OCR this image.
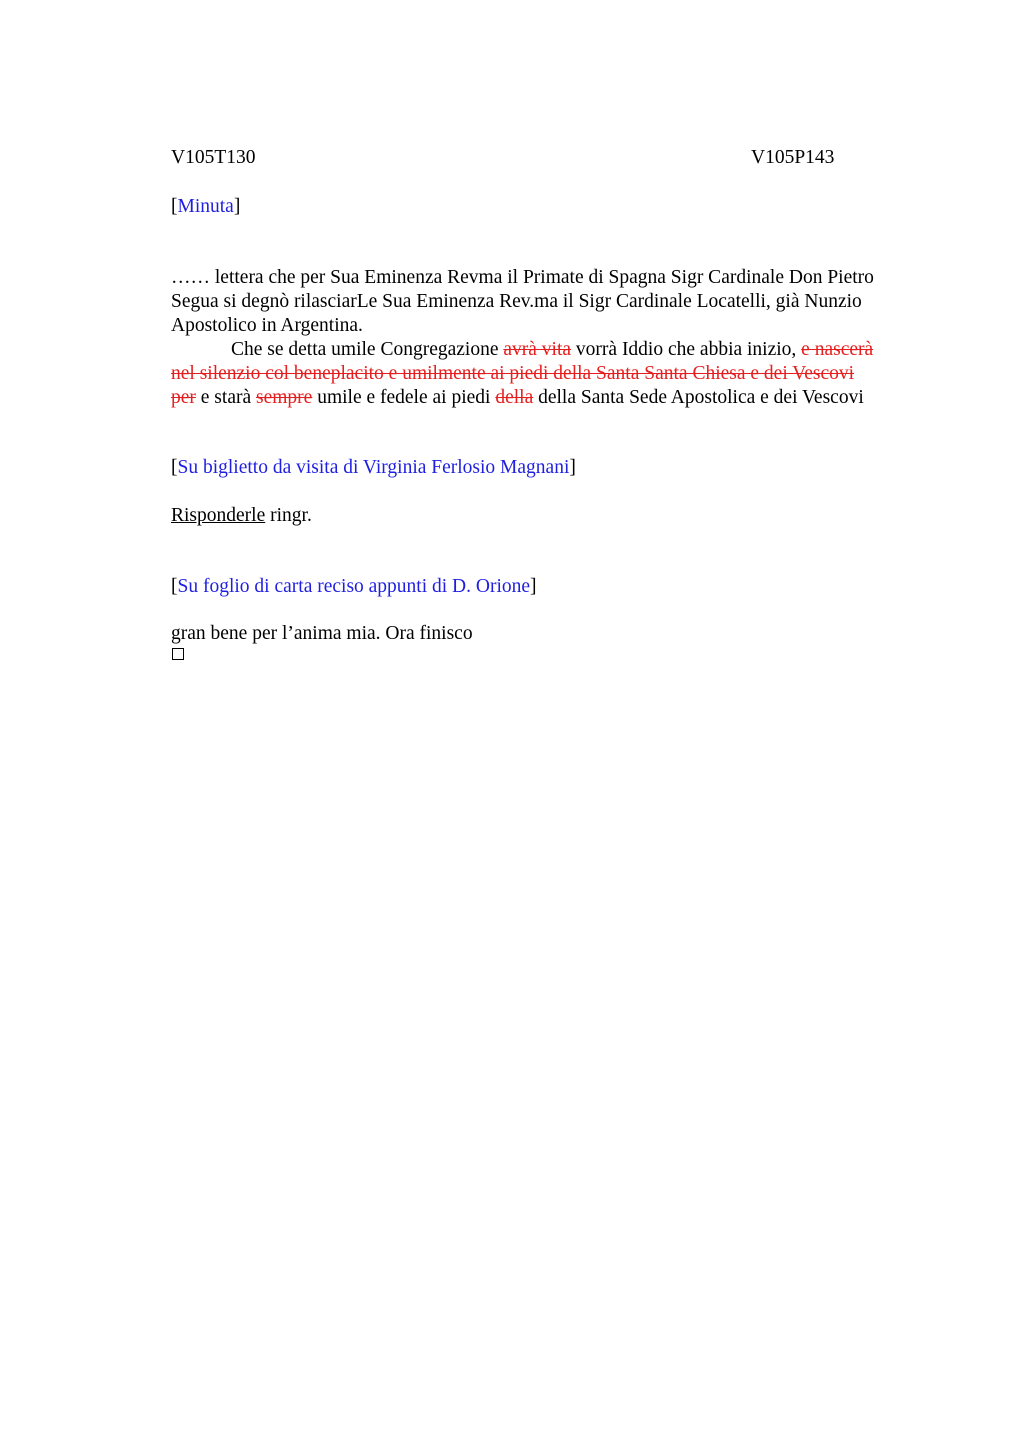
V105T130	V105P143
[Minuta]
…… lettera che per Sua Eminenza Revma il Primate di Spagna Sigr Cardinale Don Pietro
Segua si degnò rilasciarLe Sua Eminenza Rev.ma il Sigr Cardinale Locatelli, già Nunzio
Apostolico in Argentina.
Che se detta umile Congregazione avrà vita vorrà Iddio che abbia inizio, e nascerà
nel silenzio col beneplacito e umilmente ai piedi della Santa Santa Chiesa e dei Vescovi
per e starà sempre umile e fedele ai piedi della della Santa Sede Apostolica e dei Vescovi
[Su biglietto da visita di Virginia Ferlosio Magnani]
Risponderle ringr.
[Su foglio di carta reciso appunti di D. Orione]
gran bene per l’anima mia. Ora finisco
